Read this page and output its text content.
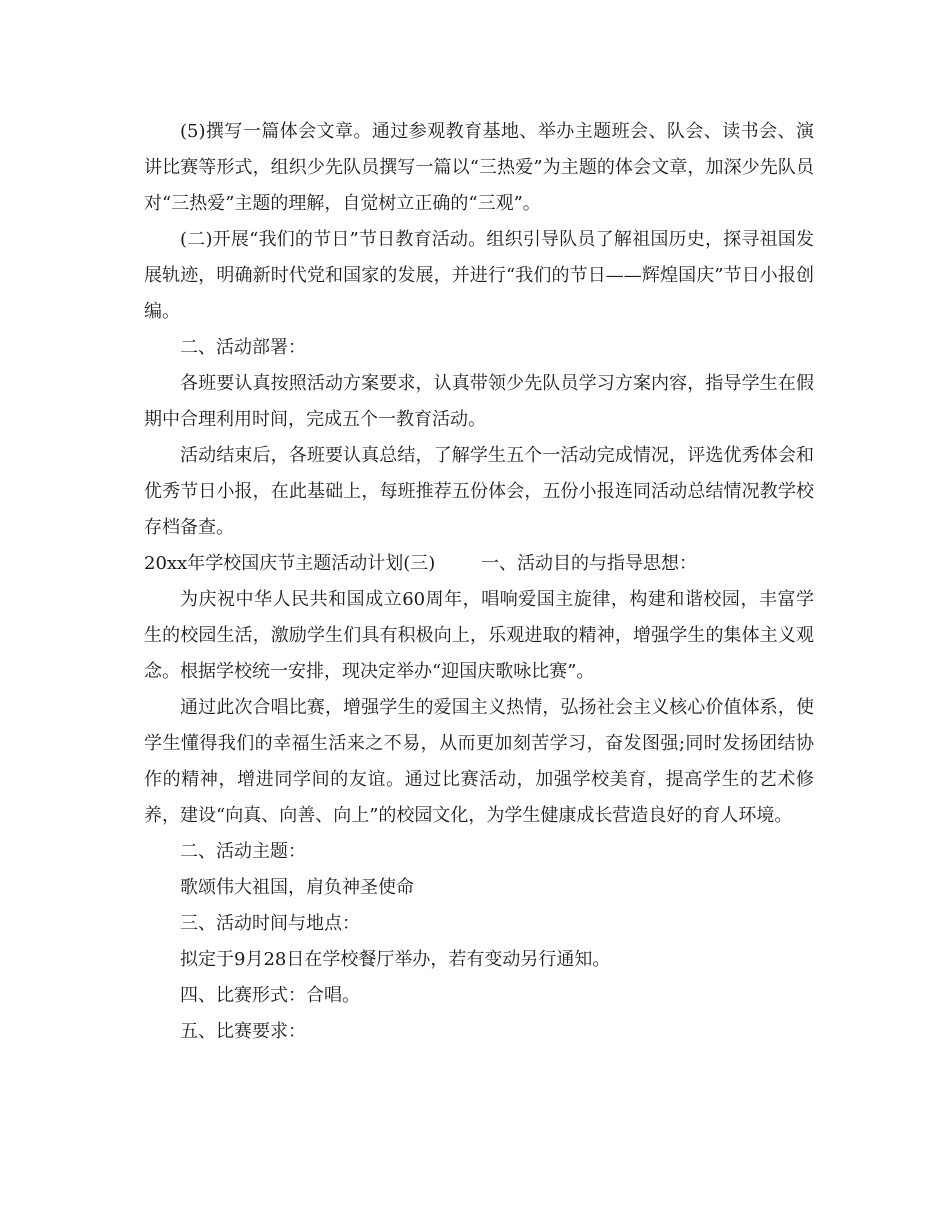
(5)撰写一篇体会文章。通过参观教育基地、举办主题班会、队会、读书会、演讲比赛等形式，组织少先队员撰写一篇以“三热爱”为主题的体会文章，加深少先队员对“三热爱”主题的理解，自觉树立正确的“三观”。

(二)开展“我们的节日”节日教育活动。组织引导队员了解祖国历史，探寻祖国发展轨迹，明确新时代党和国家的发展，并进行“我们的节日——辉煌国庆”节日小报创编。

二、活动部署：

各班要认真按照活动方案要求，认真带领少先队员学习方案内容，指导学生在假期中合理利用时间，完成五个一教育活动。

活动结束后，各班要认真总结，了解学生五个一活动完成情况，评选优秀体会和优秀节日小报，在此基础上，每班推荐五份体会，五份小报连同活动总结情况教学校存档备查。

20xx年学校国庆节主题活动计划(三)	一、活动目的与指导思想：

为庆祝中华人民共和国成立60周年，唱响爱国主旋律，构建和谐校园，丰富学生的校园生活，激励学生们具有积极向上，乐观进取的精神，增强学生的集体主义观念。根据学校统一安排，现决定举办“迎国庆歌咏比赛”。

通过此次合唱比赛，增强学生的爱国主义热情，弘扬社会主义核心价值体系，使学生懂得我们的幸福生活来之不易，从而更加刻苦学习，奋发图强;同时发扬团结协作的精神，增进同学间的友谊。通过比赛活动，加强学校美育，提高学生的艺术修养，建设“向真、向善、向上”的校园文化，为学生健康成长营造良好的育人环境。

二、活动主题：

歌颂伟大祖国，肩负神圣使命

三、活动时间与地点：

拟定于9月28日在学校餐厅举办，若有变动另行通知。

四、比赛形式：合唱。

五、比赛要求：
